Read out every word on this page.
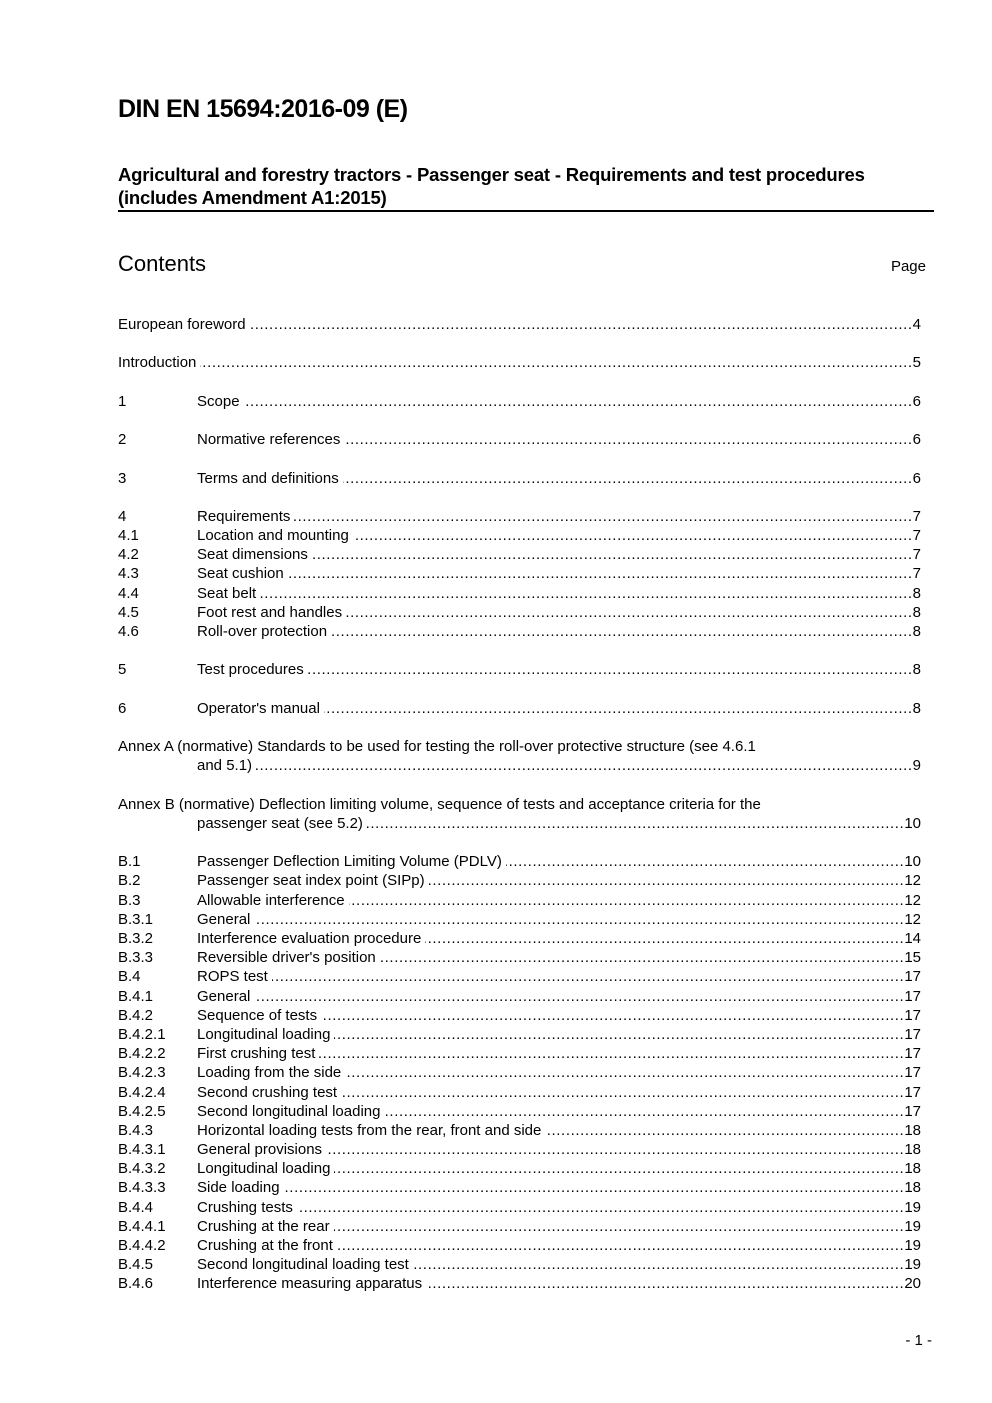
DIN EN 15694:2016-09 (E)
Agricultural and forestry tractors - Passenger seat - Requirements and test procedures (includes Amendment A1:2015)
Contents	Page
European foreword .....	4
Introduction .....	5
1	Scope .....	6
2	Normative references .....	6
3	Terms and definitions .....	6
4	Requirements .....	7
4.1	Location and mounting .....	7
4.2	Seat dimensions .....	7
4.3	Seat cushion .....	7
4.4	Seat belt .....	8
4.5	Foot rest and handles .....	8
4.6	Roll-over protection .....	8
5	Test procedures .....	8
6	Operator's manual .....	8
Annex A (normative) Standards to be used for testing the roll-over protective structure (see 4.6.1
and 5.1) .....	9
Annex B (normative) Deflection limiting volume, sequence of tests and acceptance criteria for the
passenger seat (see 5.2) .....	10
B.1	Passenger Deflection Limiting Volume (PDLV) .....	10
B.2	Passenger seat index point (SIPp) .....	12
B.3	Allowable interference .....	12
B.3.1	General .....	12
B.3.2	Interference evaluation procedure .....	14
B.3.3	Reversible driver's position .....	15
B.4	ROPS test .....	17
B.4.1	General .....	17
B.4.2	Sequence of tests .....	17
B.4.2.1	Longitudinal loading .....	17
B.4.2.2	First crushing test .....	17
B.4.2.3	Loading from the side .....	17
B.4.2.4	Second crushing test .....	17
B.4.2.5	Second longitudinal loading .....	17
B.4.3	Horizontal loading tests from the rear, front and side .....	18
B.4.3.1	General provisions .....	18
B.4.3.2	Longitudinal loading .....	18
B.4.3.3	Side loading .....	18
B.4.4	Crushing tests .....	19
B.4.4.1	Crushing at the rear .....	19
B.4.4.2	Crushing at the front .....	19
B.4.5	Second longitudinal loading test .....	19
B.4.6	Interference measuring apparatus .....	20
- 1 -
